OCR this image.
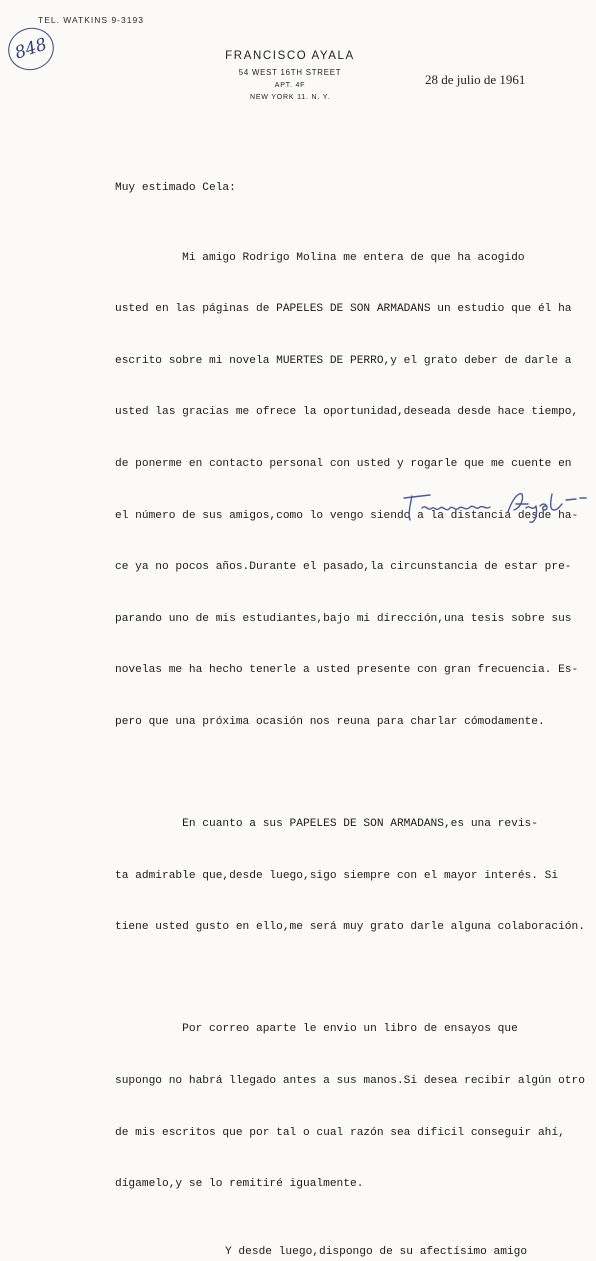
TEL. WATKINS 9-3193
848	FRANCISCO AYALA
54 WEST 16TH STREET
APT. 4F
NEW YORK 11. N. Y.
28 de julio de 1961

Muy estimado Cela:

Mi amigo Rodrigo Molina me entera de que ha acogido

usted en las páginas de PAPELES DE SON ARMADANS un estudio que él ha

escrito sobre mi novela MUERTES DE PERRO,y el grato deber de darle a

usted las gracias me ofrece la oportunidad,deseada desde hace tiempo,

de ponerme en contacto personal con usted y rogarle que me cuente en

el número de sus amigos,como lo vengo siendo a la distancia desde ha-

ce ya no pocos años.Durante el pasado,la circunstancia de estar pre-

parando uno de mis estudiantes,bajo mi dirección,una tesis sobre sus

novelas me ha hecho tenerle a usted presente con gran frecuencia. Es-

pero que una próxima ocasión nos reuna para charlar cómodamente.

En cuanto a sus PAPELES DE SON ARMADANS,es una revis-

ta admirable que,desde luego,sigo siempre con el mayor interés. Si

tiene usted gusto en ello,me será muy grato darle alguna colaboración.

Por correo aparte le envio un libro de ensayos que

supongo no habrá llegado antes a sus manos.Si desea recibir algún otro

de mis escritos que por tal o cual razón sea dificil conseguir ahí,

dígamelo,y se lo remitiré igualmente.

Y desde luego,dispongo de su afectísimo amigo
